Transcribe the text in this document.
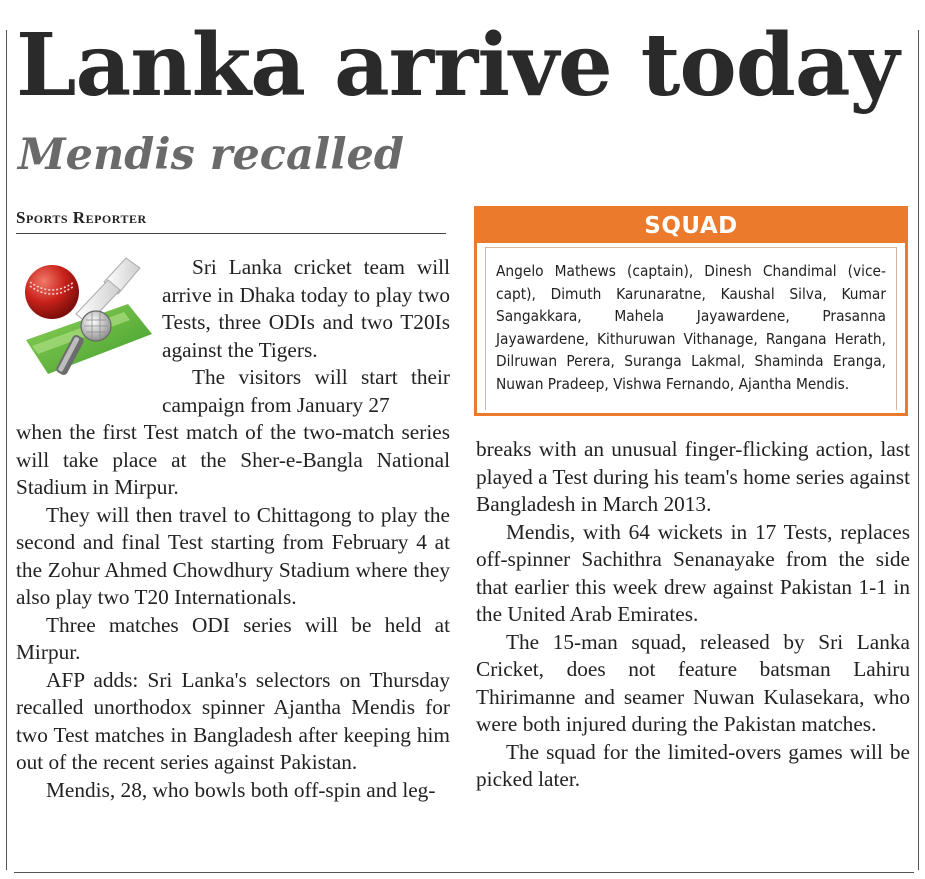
Lanka arrive today
Mendis recalled
Sports Reporter

Sri Lanka cricket team will arrive in Dhaka today to play two Tests, three ODIs and two T20Is against the Tigers.

The visitors will start their campaign from January 27

when the first Test match of the two-match series will take place at the Sher-e-Bangla National Stadium in Mirpur.

They will then travel to Chittagong to play the second and final Test starting from February 4 at the Zohur Ahmed Chowdhury Stadium where they also play two T20 Internationals.

Three matches ODI series will be held at Mirpur.

AFP adds: Sri Lanka's selectors on Thursday recalled unorthodox spinner Ajantha Mendis for two Test matches in Bangladesh after keeping him out of the recent series against Pakistan.

Mendis, 28, who bowls both off-spin and leg-

SQUAD
Angelo Mathews (captain), Dinesh Chandimal (vice-capt), Dimuth Karunaratne, Kaushal Silva, Kumar Sangakkara, Mahela Jayawardene, Prasanna Jayawardene, Kithuruwan Vithanage, Rangana Herath, Dilruwan Perera, Suranga Lakmal, Shaminda Eranga, Nuwan Pradeep, Vishwa Fernando, Ajantha Mendis.

breaks with an unusual finger-flicking action, last played a Test during his team's home series against Bangladesh in March 2013.

Mendis, with 64 wickets in 17 Tests, replaces off-spinner Sachithra Senanayake from the side that earlier this week drew against Pakistan 1-1 in the United Arab Emirates.

The 15-man squad, released by Sri Lanka Cricket, does not feature batsman Lahiru Thirimanne and seamer Nuwan Kulasekara, who were both injured during the Pakistan matches.

The squad for the limited-overs games will be picked later.
